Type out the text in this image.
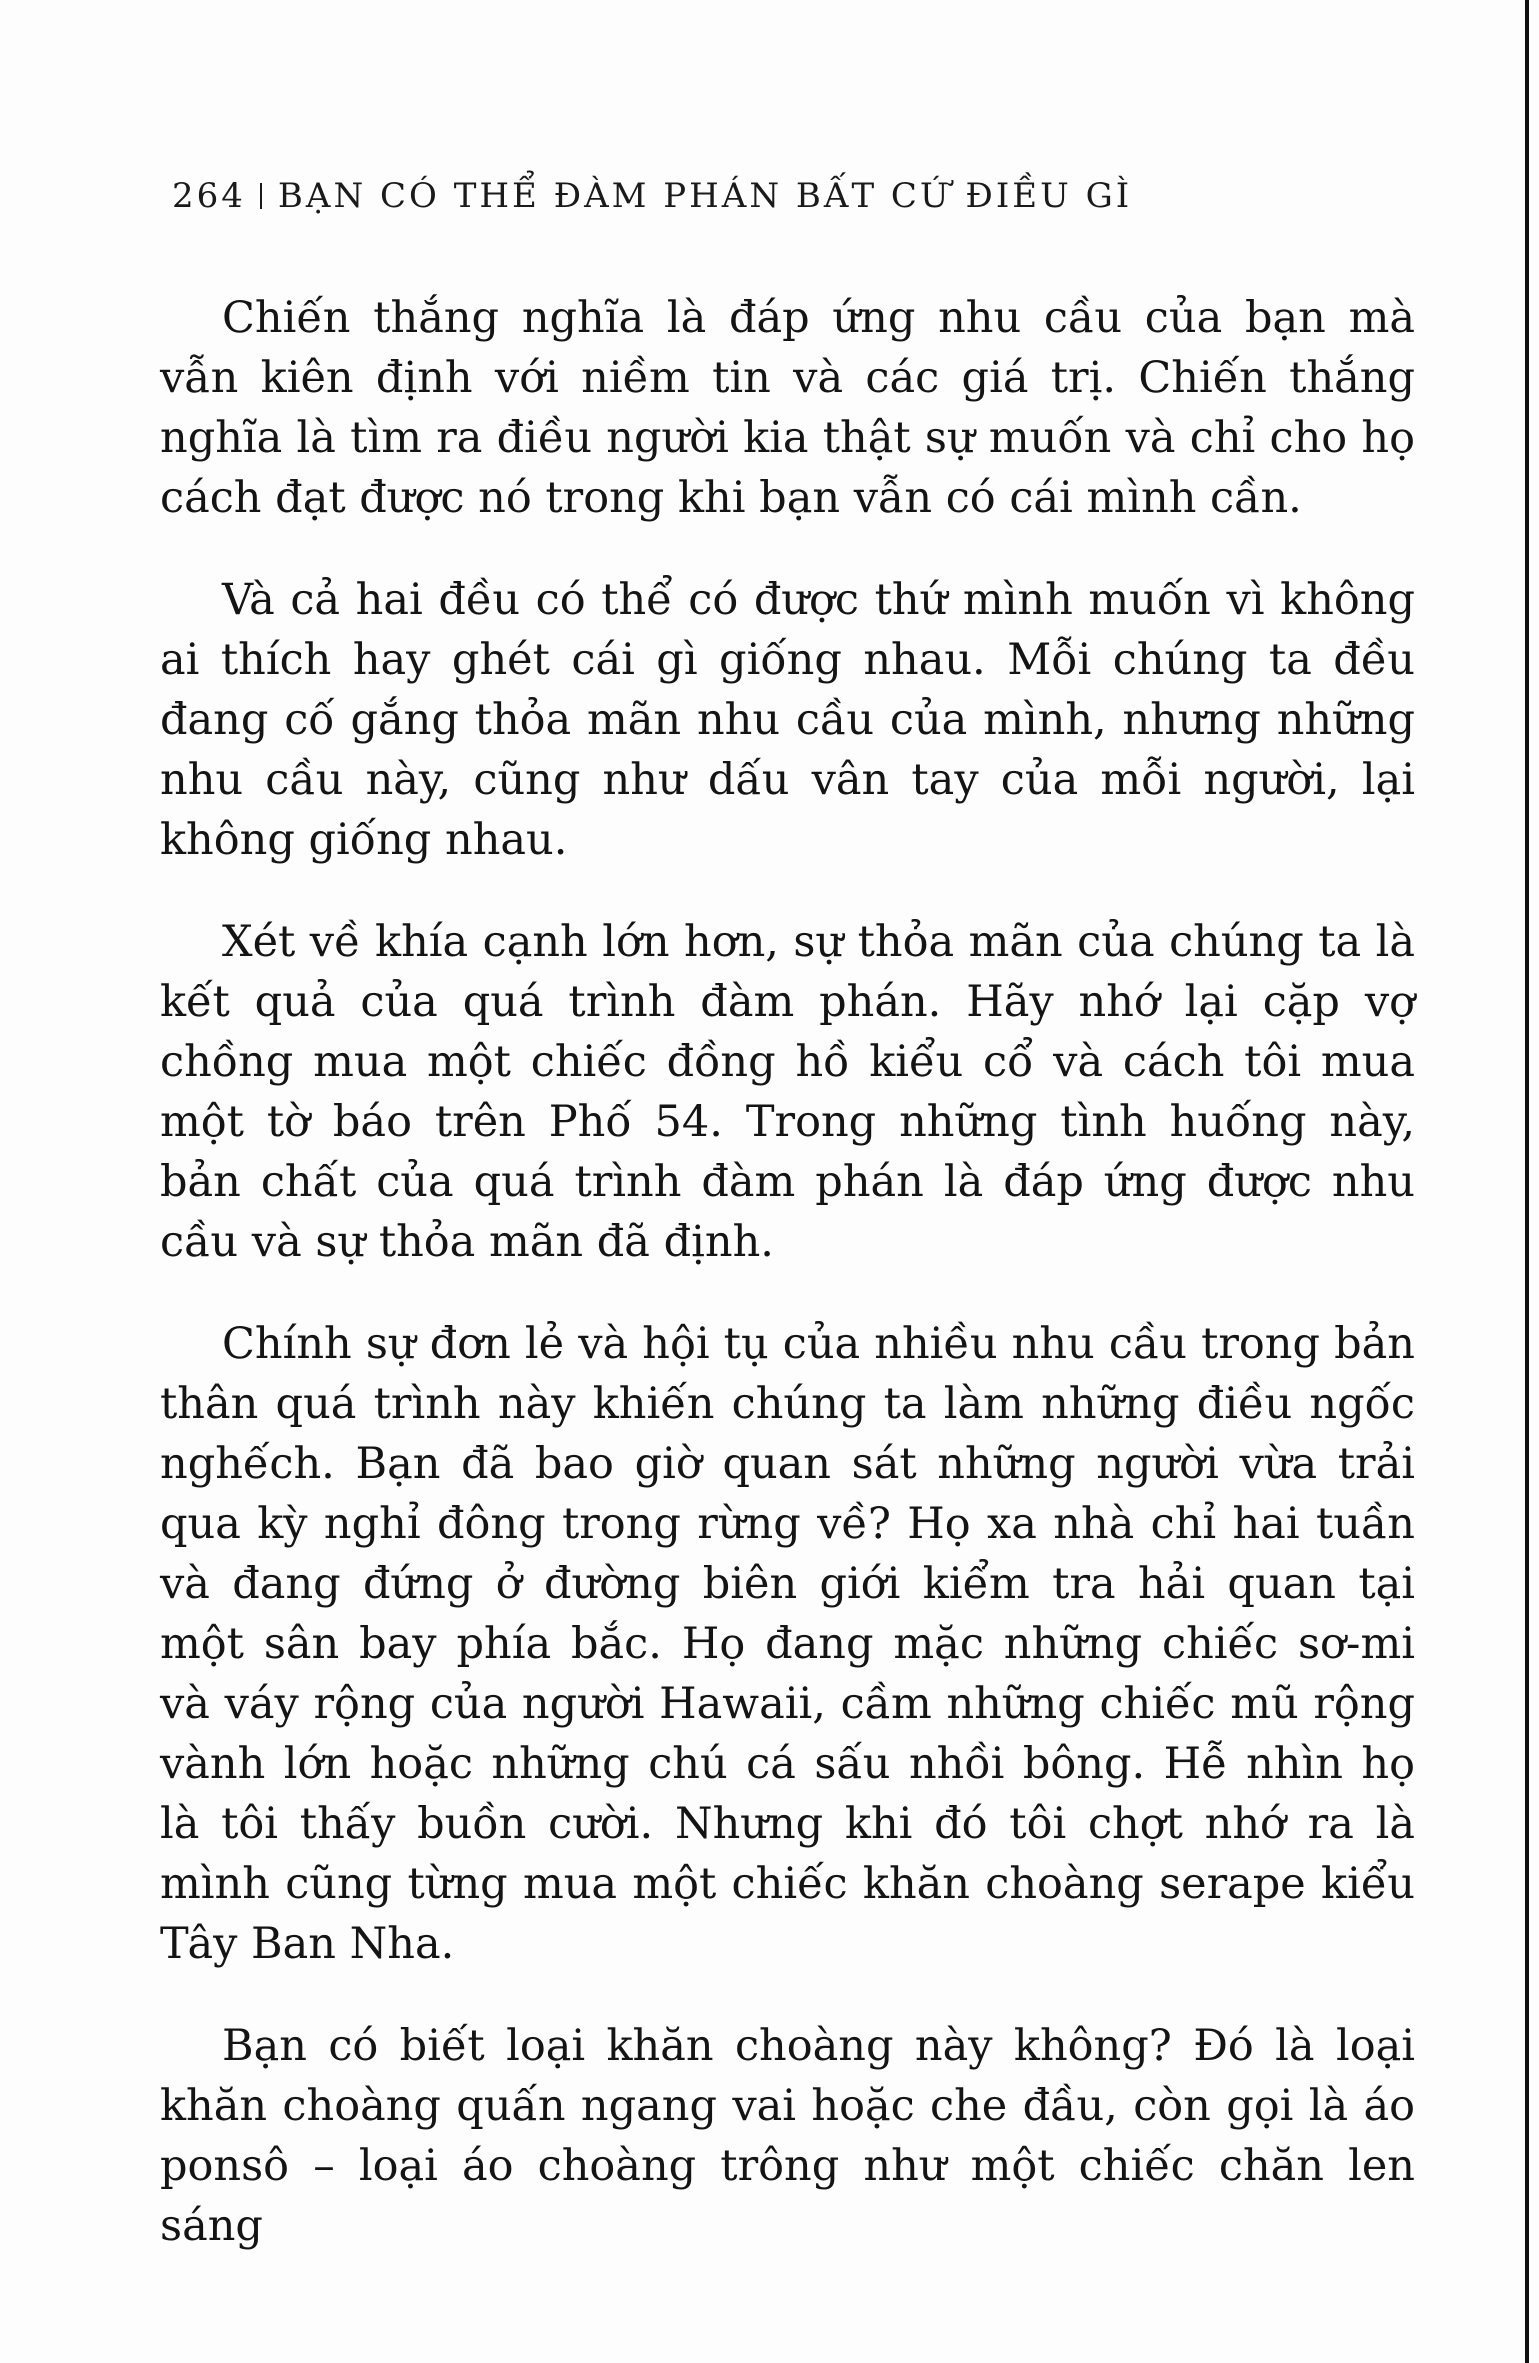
264 BẠN CÓ THỂ ĐÀM PHÁN BẤT CỨ ĐIỀU GÌ

Chiến thắng nghĩa là đáp ứng nhu cầu của bạn mà vẫn kiên định với niềm tin và các giá trị. Chiến thắng nghĩa là tìm ra điều người kia thật sự muốn và chỉ cho họ cách đạt được nó trong khi bạn vẫn có cái mình cần.

Và cả hai đều có thể có được thứ mình muốn vì không ai thích hay ghét cái gì giống nhau. Mỗi chúng ta đều đang cố gắng thỏa mãn nhu cầu của mình, nhưng những nhu cầu này, cũng như dấu vân tay của mỗi người, lại không giống nhau.

Xét về khía cạnh lớn hơn, sự thỏa mãn của chúng ta là kết quả của quá trình đàm phán. Hãy nhớ lại cặp vợ chồng mua một chiếc đồng hồ kiểu cổ và cách tôi mua một tờ báo trên Phố 54. Trong những tình huống này, bản chất của quá trình đàm phán là đáp ứng được nhu cầu và sự thỏa mãn đã định.

Chính sự đơn lẻ và hội tụ của nhiều nhu cầu trong bản thân quá trình này khiến chúng ta làm những điều ngốc nghếch. Bạn đã bao giờ quan sát những người vừa trải qua kỳ nghỉ đông trong rừng về? Họ xa nhà chỉ hai tuần và đang đứng ở đường biên giới kiểm tra hải quan tại một sân bay phía bắc. Họ đang mặc những chiếc sơ-mi và váy rộng của người Hawaii, cầm những chiếc mũ rộng vành lớn hoặc những chú cá sấu nhồi bông. Hễ nhìn họ là tôi thấy buồn cười. Nhưng khi đó tôi chợt nhớ ra là mình cũng từng mua một chiếc khăn choàng serape kiểu Tây Ban Nha.

Bạn có biết loại khăn choàng này không? Đó là loại khăn choàng quấn ngang vai hoặc che đầu, còn gọi là áo ponsô – loại áo choàng trông như một chiếc chăn len sáng
